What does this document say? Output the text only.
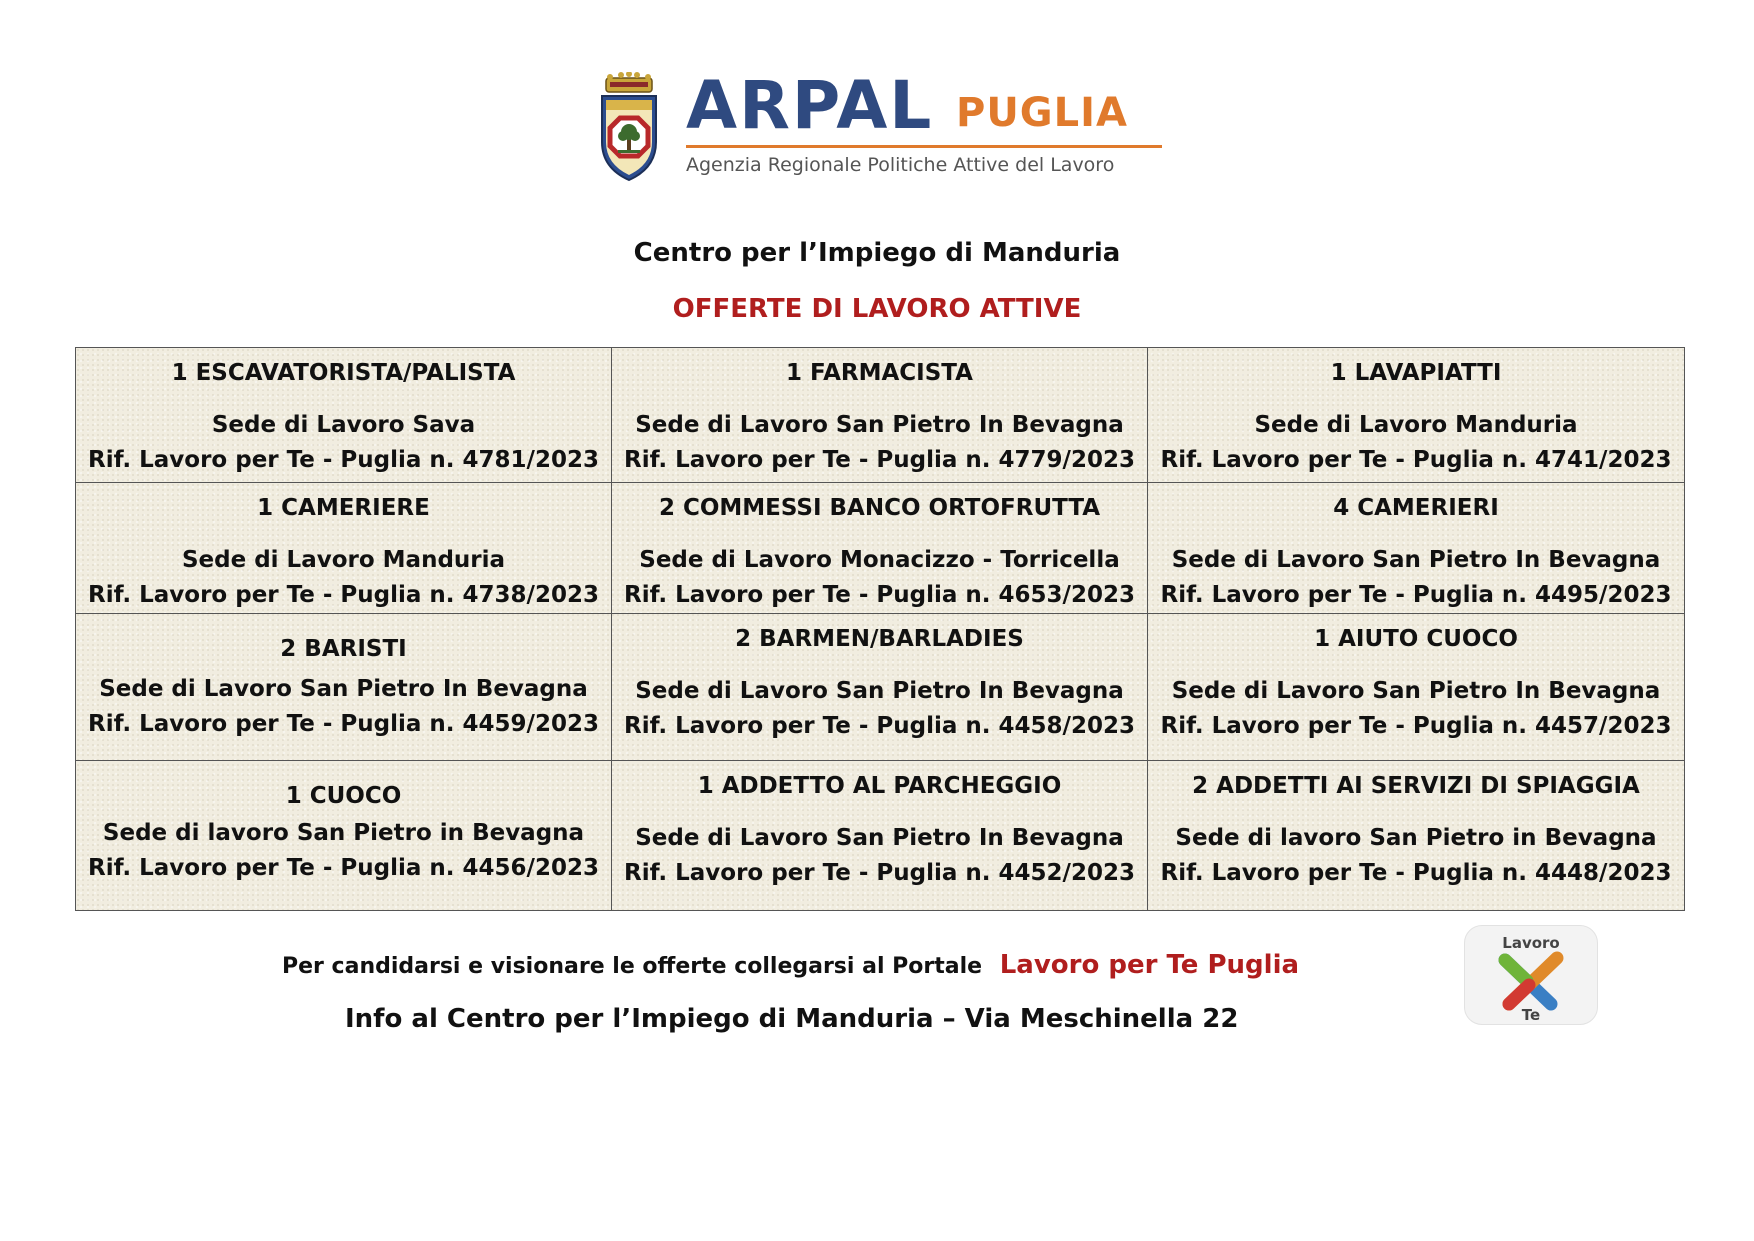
ARPAL PUGLIA
Agenzia Regionale Politiche Attive del Lavoro
Centro per l’Impiego di Manduria
OFFERTE DI LAVORO ATTIVE
1 ESCAVATORISTA/PALISTA
Sede di Lavoro Sava
Rif. Lavoro per Te - Puglia n. 4781/2023	1 FARMACISTA
Sede di Lavoro San Pietro In Bevagna
Rif. Lavoro per Te - Puglia n. 4779/2023	1 LAVAPIATTI
Sede di Lavoro Manduria
Rif. Lavoro per Te - Puglia n. 4741/2023

1 CAMERIERE
Sede di Lavoro Manduria
Rif. Lavoro per Te - Puglia n. 4738/2023	2 COMMESSI BANCO ORTOFRUTTA
Sede di Lavoro Monacizzo - Torricella
Rif. Lavoro per Te - Puglia n. 4653/2023	4 CAMERIERI
Sede di Lavoro San Pietro In Bevagna
Rif. Lavoro per Te - Puglia n. 4495/2023

2 BARISTI
Sede di Lavoro San Pietro In Bevagna
Rif. Lavoro per Te - Puglia n. 4459/2023	2 BARMEN/BARLADIES
Sede di Lavoro San Pietro In Bevagna
Rif. Lavoro per Te - Puglia n. 4458/2023	1 AIUTO CUOCO
Sede di Lavoro San Pietro In Bevagna
Rif. Lavoro per Te - Puglia n. 4457/2023

1 CUOCO
Sede di lavoro San Pietro in Bevagna
Rif. Lavoro per Te - Puglia n. 4456/2023	1 ADDETTO AL PARCHEGGIO
Sede di Lavoro San Pietro In Bevagna
Rif. Lavoro per Te - Puglia n. 4452/2023	2 ADDETTI AI SERVIZI DI SPIAGGIA
Sede di lavoro San Pietro in Bevagna
Rif. Lavoro per Te - Puglia n. 4448/2023
Per candidarsi e visionare le offerte collegarsi al Portale Lavoro per Te Puglia
Info al Centro per l’Impiego di Manduria – Via Meschinella 22
Lavoro
Te
